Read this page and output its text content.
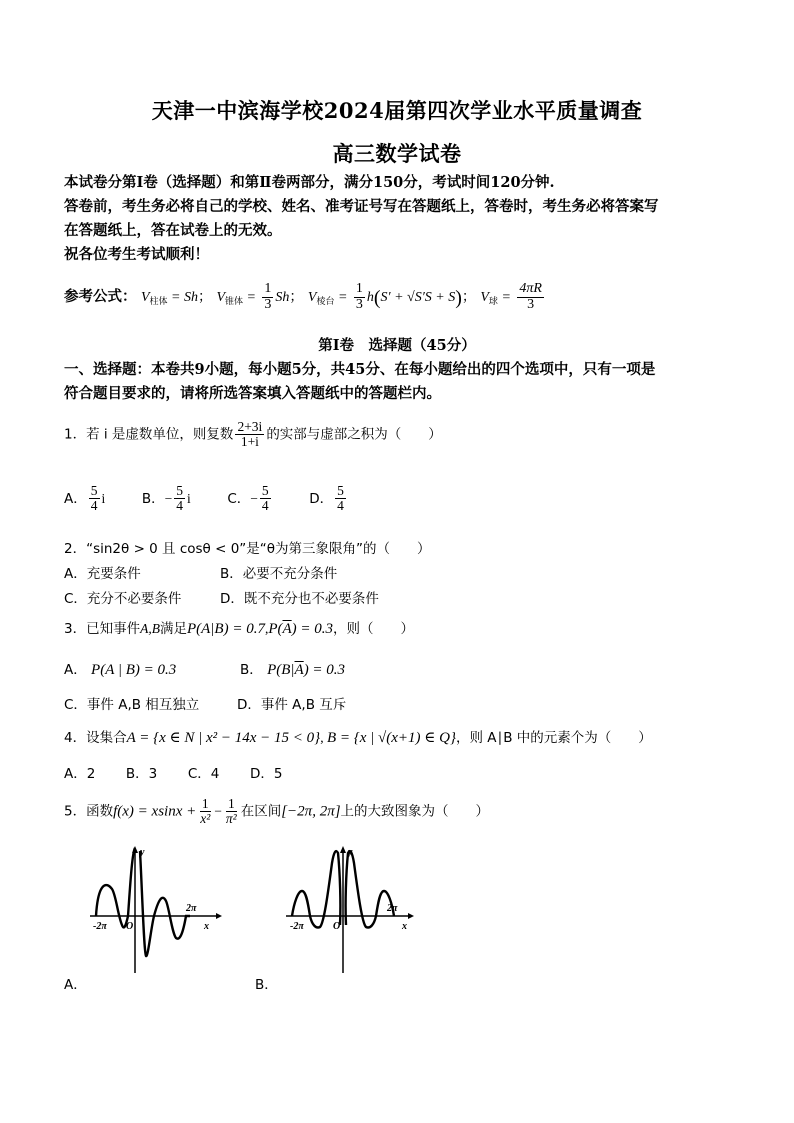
天津一中滨海学校2024届第四次学业水平质量调查
高三数学试卷
本试卷分第Ⅰ卷（选择题）和第Ⅱ卷两部分，满分150分，考试时间120分钟.
答卷前，考生务必将自己的学校、姓名、准考证号写在答题纸上，答卷时，考生务必将答案写
在答题纸上，答在试卷上的无效。
祝各位考生考试顺利！
参考公式： $V_{柱体} = Sh$； $V_{锥体} = \frac{1}{3}$ Sh； $V_{棱台} = \frac{1}{3} h(S' + √S'S + S)$； $V_球 = \frac{4\pi R}{3}$
第Ⅰ卷　选择题（45分）
一、选择题：本卷共9小题，每小题5分，共45分、在每小题给出的四个选项中，只有一项是
符合题目要求的，请将所选答案填入答题纸中的答题栏内。
1．若 i 是虚数单位，则复数 $\frac{2+3i}{1+i}$ 的实部与虚部之积为（　　）
A． $\frac{5}{4}$ i	B．− $\frac{5}{4}$ i	C．− $\frac{5}{4}$	D． $\frac{5}{4}$
2．“sin2θ > 0 且 cosθ < 0”是“θ为第三象限角”的（　　）
A．充要条件	B．必要不充分条件
C．充分不必要条件	D．既不充分也不必要条件
3．已知事件A,B满足$P(A|B) = 0.7,P(\overline{A}) = 0.3$，则（　　）
A． P(A | B) = 0.3	B． $P(B|\overline{A}) = 0.3$
C．事件 A,B 相互独立	D．事件 A,B 互斥
4．设集合A = {x ∈ N | x² − 14x − 15 < 0}, B = {x | √(x+1) ∈ Q}，则 A∣B 中的元素个为（　　）
A．2 B．3 C．4 D．5
5．函数$f(x) = xsinx + \frac{1}{\text{x²}} - \frac{1}{\text{π²}}$ 在区间[−2π, 2π]上的大致图象为（　　）
-2π
2π
y
x
O
A．
-2π
2π
y
x
O
B．
